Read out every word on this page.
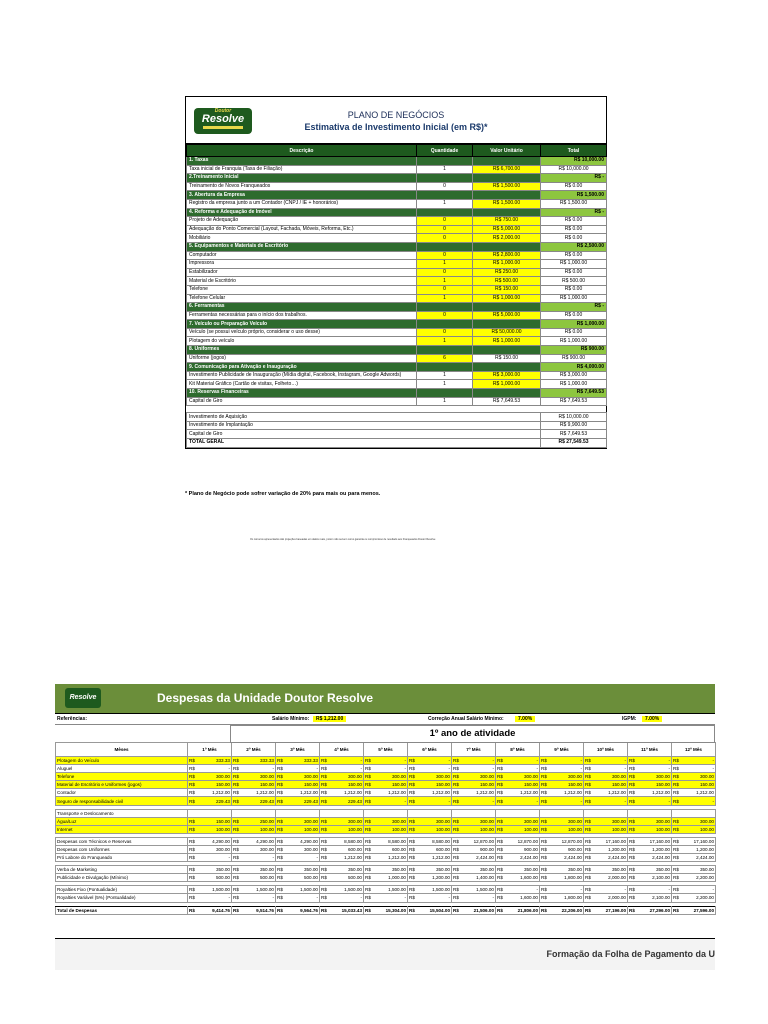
Doutor
Resolve	PLANO DE NEGÓCIOS
Estimativa de Investimento Inicial (em R$)*
Descrição	Quantidade	Valor Unitário	Total
1. Taxas			R$ 10,000.00
Taxa inicial de Franquia (Taxa de Filiação)	1	R$ 6,700.00	R$ 10,000.00
2.Treinamento Inicial			R$ -
Treinamento de Novos Franqueados	0	R$ 1,500.00	R$ 0.00
3. Abertura da Empresa			R$ 1,500.00
Registro da empresa junto a um Contador (CNPJ / IE + honorários)	1	R$ 1,500.00	R$ 1,500.00
4. Reforma e Adequação de Imóvel			R$ -
Projeto de Adequação	0	R$ 750.00	R$ 0.00
Adequação do Ponto Comercial (Layout, Fachada, Móveis, Reforma, Etc.)	0	R$ 5,000.00	R$ 0.00
Mobiliário	0	R$ 2,000.00	R$ 0.00
5. Equipamentos e Materiais de Escritório			R$ 2,500.00
Computador	0	R$ 2,800.00	R$ 0.00
Impressora	1	R$ 1,000.00	R$ 1,000.00
Estabilizador	0	R$ 250.00	R$ 0.00
Material de Escritório	1	R$ 500.00	R$ 500.00
Telefone	0	R$ 150.00	R$ 0.00
Telefone Celular	1	R$ 1,000.00	R$ 1,000.00
6. Ferramentas			R$ -
Ferramentas necessárias para o início dos trabalhos.	0	R$ 5,000.00	R$ 0.00
7. Veículo ou Preparação Veículo			R$ 1,000.00
Veículo (se possui veículo próprio, considerar o uso desse)	0	R$ 50,000.00	R$ 0.00
Plotagem do veículo	1	R$ 1,000.00	R$ 1,000.00
8. Uniformes			R$ 900.00
Uniforme (jogos)	6	R$ 150.00	R$ 900.00
9. Comunicação para Ativação e Inauguração			R$ 4,000.00
Investimento Publicidade de Inauguração (Mídia digital, Facebook, Instagram, Google Adwords)	1	R$ 3,000.00	R$ 3,000.00
Kit Material Gráfico (Cartão de visitas, Folheto…)	1	R$ 1,000.00	R$ 1,000.00
10. Reservas Financeiras			R$ 7,649.53
Capital de Giro	1	R$ 7,649.53	R$ 7,649.53

Investimento de Aquisição			R$ 10,000.00
Investimento de Implantação			R$ 9,900.00
Capital de Giro			R$ 7,649.53
TOTAL GERAL			R$ 27,549.53
* Plano de Negócio pode sofrer variação de 20% para mais ou para menos.
Os números apresentados são projeções baseadas em dados reais, porém não servem como garantia ou compromisso de resultado aos Franqueados Doutor Resolve
Resolve	Despesas da Unidade Doutor Resolve
Referências:	Salário Mínimo:	R$ 1,212.00	Correção Anual Salário Mínimo:	7.00%	IGPM:	7.00%
1º ano de atividade
Mêses	1º Mês	2º Mês	3º Mês	4º Mês	5º Mês	6º Mês	7º Mês	8º Mês	9º Mês	10º Mês	11º Mês	12º Mês
Plotagem do Veículo	R$ 333.33	R$ 333.33	R$ 333.33	R$ -	R$ -	R$ -	R$ -	R$ -	R$ -	R$ -	R$ -	R$ -

Aluguel	R$ -	R$ -	R$ -	R$ -	R$ -	R$ -	R$ -	R$ -	R$ -	R$ -	R$ -	R$ -

Telefone	R$ 300.00	R$ 300.00	R$ 300.00	R$ 300.00	R$ 300.00	R$ 300.00	R$ 300.00	R$ 300.00	R$ 300.00	R$ 300.00	R$ 300.00	R$ 300.00

Material de Escritório e Uniformes (jogos)	R$ 150.00	R$ 150.00	R$ 150.00	R$ 150.00	R$ 150.00	R$ 150.00	R$ 150.00	R$ 150.00	R$ 150.00	R$ 150.00	R$ 150.00	R$ 150.00

Contador	R$ 1,212.00	R$ 1,212.00	R$ 1,212.00	R$ 1,212.00	R$ 1,212.00	R$ 1,212.00	R$ 1,212.00	R$ 1,212.00	R$ 1,212.00	R$ 1,212.00	R$ 1,212.00	R$ 1,212.00

Seguro de responsabilidade civil	R$ 229.43	R$ 229.43	R$ 229.43	R$ 229.43	R$ -	R$ -	R$ -	R$ -	R$ -	R$ -	R$ -	R$ -

Transporte e Deslocamento												
Água/Luz	R$ 150.00	R$ 250.00	R$ 300.00	R$ 300.00	R$ 300.00	R$ 300.00	R$ 300.00	R$ 300.00	R$ 300.00	R$ 300.00	R$ 300.00	R$ 300.00

Internet	R$ 100.00	R$ 100.00	R$ 100.00	R$ 100.00	R$ 100.00	R$ 100.00	R$ 100.00	R$ 100.00	R$ 100.00	R$ 100.00	R$ 100.00	R$ 100.00

Despesas com Técnicos e Reservas	R$ 4,290.00	R$ 4,290.00	R$ 4,290.00	R$ 8,580.00	R$ 8,580.00	R$ 8,580.00	R$ 12,870.00	R$ 12,870.00	R$ 12,870.00	R$ 17,160.00	R$ 17,160.00	R$ 17,160.00

Despesas com Uniformes	R$ 300.00	R$ 300.00	R$ 300.00	R$ 600.00	R$ 600.00	R$ 600.00	R$ 900.00	R$ 900.00	R$ 900.00	R$ 1,200.00	R$ 1,200.00	R$ 1,200.00

Pró Labore do Franqueado	R$ -	R$ -	R$ -	R$ 1,212.00	R$ 1,212.00	R$ 1,212.00	R$ 2,424.00	R$ 2,424.00	R$ 2,424.00	R$ 2,424.00	R$ 2,424.00	R$ 2,424.00

Verba de Marketing	R$ 350.00	R$ 350.00	R$ 350.00	R$ 350.00	R$ 350.00	R$ 350.00	R$ 350.00	R$ 350.00	R$ 350.00	R$ 350.00	R$ 350.00	R$ 350.00

Publicidade e Divulgação (Mínimo)	R$ 500.00	R$ 500.00	R$ 500.00	R$ 500.00	R$ 1,000.00	R$ 1,200.00	R$ 1,400.00	R$ 1,600.00	R$ 1,800.00	R$ 2,000.00	R$ 2,100.00	R$ 2,200.00

Royalties Fixo (Pontualidade)	R$ 1,500.00	R$ 1,500.00	R$ 1,500.00	R$ 1,500.00	R$ 1,500.00	R$ 1,500.00	R$ 1,500.00	R$ -	R$ -	R$ -	R$ -	R$ -

Royalties Variável (5%) (Pontualidade)	R$ -	R$ -	R$ -	R$ -	R$ -	R$ -	R$ -	R$ 1,600.00	R$ 1,800.00	R$ 2,000.00	R$ 2,100.00	R$ 2,200.00

Total de Despesas	R$ 9,414.76	R$ 9,514.76	R$ 9,564.76	R$ 15,033.43	R$ 15,304.00	R$ 15,504.00	R$ 21,506.00	R$ 21,806.00	R$ 22,206.00	R$ 27,196.00	R$ 27,296.00	R$ 27,596.00
Formação da Folha de Pagamento da U
